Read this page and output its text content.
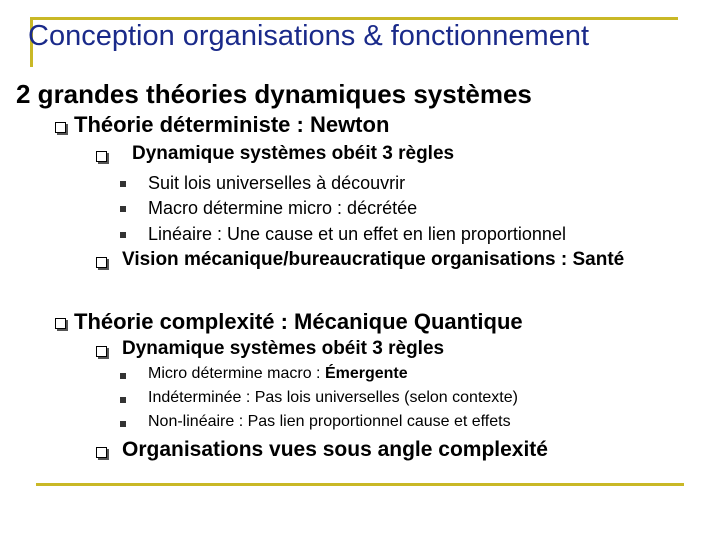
Conception organisations & fonctionnement
2 grandes théories dynamiques systèmes
Théorie déterministe : Newton
Dynamique systèmes obéit 3 règles
Suit lois universelles à découvrir
Macro détermine micro : décrétée
Linéaire : Une cause et un effet en lien proportionnel
Vision mécanique/bureaucratique organisations : Santé
Théorie complexité : Mécanique Quantique
Dynamique systèmes obéit 3 règles
Micro détermine macro : Émergente
Indéterminée : Pas lois universelles (selon contexte)
Non-linéaire : Pas lien proportionnel cause et effets
Organisations vues sous angle complexité
